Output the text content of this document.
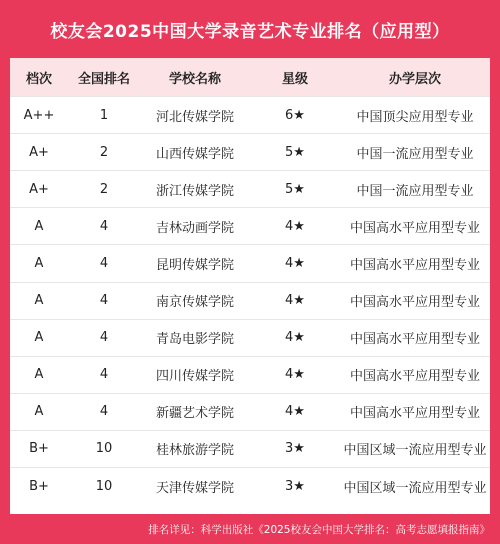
校友会2025中国大学录音艺术专业排名（应用型）
档次	全国排名	学校名称	星级	办学层次
A++	1	河北传媒学院	6★	中国顶尖应用型专业
A+	2	山西传媒学院	5★	中国一流应用型专业
A+	2	浙江传媒学院	5★	中国一流应用型专业
A	4	吉林动画学院	4★	中国高水平应用型专业
A	4	昆明传媒学院	4★	中国高水平应用型专业
A	4	南京传媒学院	4★	中国高水平应用型专业
A	4	青岛电影学院	4★	中国高水平应用型专业
A	4	四川传媒学院	4★	中国高水平应用型专业
A	4	新疆艺术学院	4★	中国高水平应用型专业
B+	10	桂林旅游学院	3★	中国区域一流应用型专业
B+	10	天津传媒学院	3★	中国区域一流应用型专业
排名详见：科学出版社《2025校友会中国大学排名：高考志愿填报指南》
